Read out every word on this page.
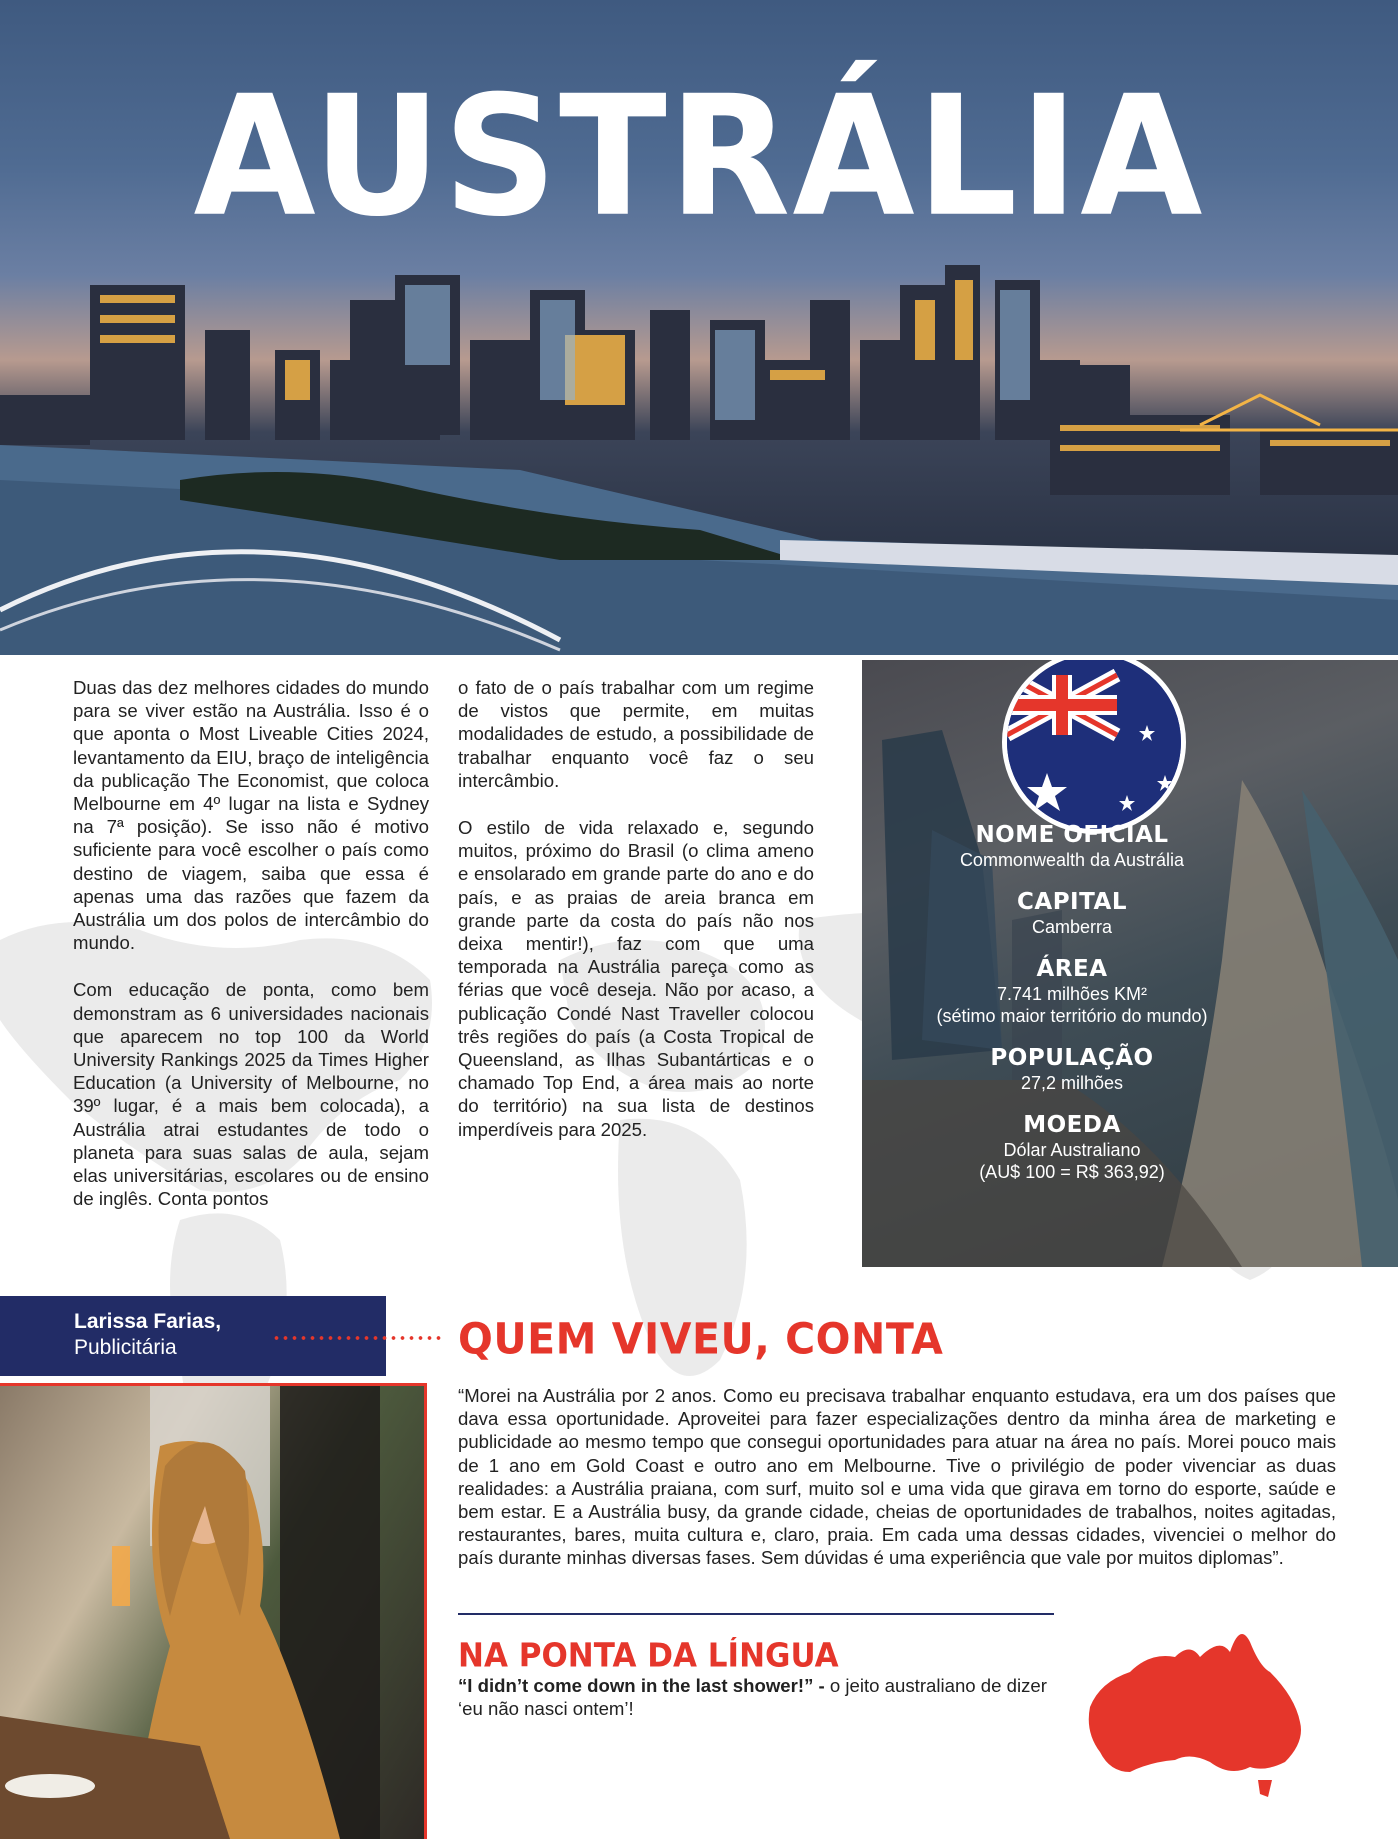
AUSTRÁLIA

Duas das dez melhores cidades do mundo para se viver estão na Austrália. Isso é o que aponta o Most Liveable Cities 2024, levantamento da EIU, braço de inteligência da publicação The Economist, que coloca Melbourne em 4º lugar na lista e Sydney na 7ª posição). Se isso não é motivo suficiente para você escolher o país como destino de viagem, saiba que essa é apenas uma das razões que fazem da Austrália um dos polos de intercâmbio do mundo.

Com educação de ponta, como bem demonstram as 6 universidades nacionais que aparecem no top 100 da World University Rankings 2025 da Times Higher Education (a University of Melbourne, no 39º lugar, é a mais bem colocada), a Austrália atrai estudantes de todo o planeta para suas salas de aula, sejam elas universitárias, escolares ou de ensino de inglês. Conta pontos

o fato de o país trabalhar com um regime de vistos que permite, em muitas modalidades de estudo, a possibilidade de trabalhar enquanto você faz o seu intercâmbio.

O estilo de vida relaxado e, segundo muitos, próximo do Brasil (o clima ameno e ensolarado em grande parte do ano e do país, e as praias de areia branca em grande parte da costa do país não nos deixa mentir!), faz com que uma temporada na Austrália pareça como as férias que você deseja. Não por acaso, a publicação Condé Nast Traveller colocou três regiões do país (a Costa Tropical de Queensland, as Ilhas Subantárticas e o chamado Top End, a área mais ao norte do território) na sua lista de destinos imperdíveis para 2025.

NOME OFICIAL
Commonwealth da Austrália
CAPITAL
Camberra
ÁREA
7.741 milhões KM²
(sétimo maior território do mundo)
POPULAÇÃO
27,2 milhões
MOEDA
Dólar Australiano
(AU$ 100 = R$ 363,92)
Larissa Farias,
Publicitária	QUEM VIVEU, CONTA
“Morei na Austrália por 2 anos. Como eu precisava trabalhar enquanto estudava, era um dos países que dava essa oportunidade. Aproveitei para fazer especializações dentro da minha área de marketing e publicidade ao mesmo tempo que consegui oportunidades para atuar na área no país. Morei pouco mais de 1 ano em Gold Coast e outro ano em Melbourne. Tive o privilégio de poder vivenciar as duas realidades: a Austrália praiana, com surf, muito sol e uma vida que girava em torno do esporte, saúde e bem estar. E a Austrália busy, da grande cidade, cheias de oportunidades de trabalhos, noites agitadas, restaurantes, bares, muita cultura e, claro, praia. Em cada uma dessas cidades, vivenciei o melhor do país durante minhas diversas fases. Sem dúvidas é uma experiência que vale por muitos diplomas”.
NA PONTA DA LÍNGUA
“I didn’t come down in the last shower!” - o jeito australiano de dizer ‘eu não nasci ontem’!
